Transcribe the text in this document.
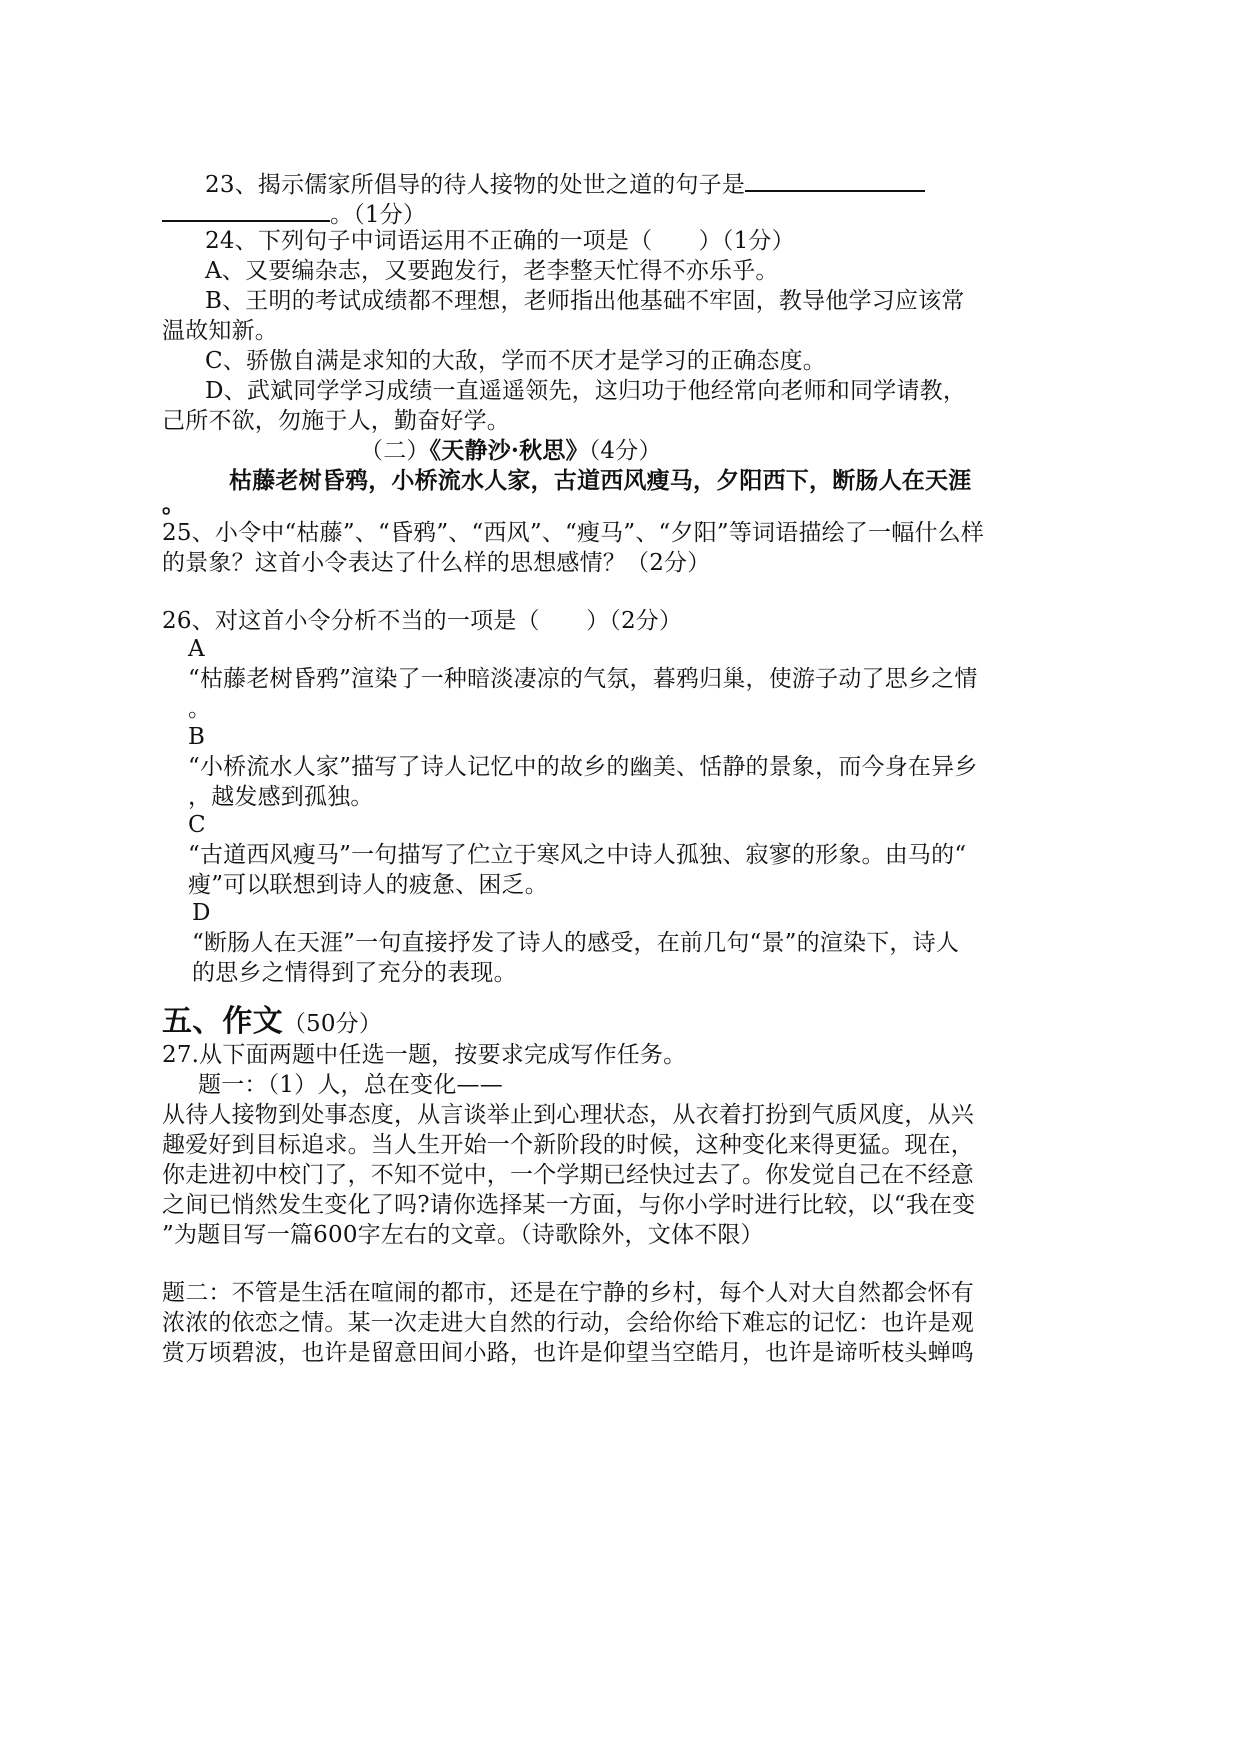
23、揭示儒家所倡导的待人接物的处世之道的句子是
。（1分）
24、下列句子中词语运用不正确的一项是（　　）（1分）
A、又要编杂志，又要跑发行，老李整天忙得不亦乐乎。
B、王明的考试成绩都不理想，老师指出他基础不牢固，教导他学习应该常
温故知新。
C、骄傲自满是求知的大敌，学而不厌才是学习的正确态度。
D、武斌同学学习成绩一直遥遥领先，这归功于他经常向老师和同学请教，
己所不欲，勿施于人，勤奋好学。
（二）《天静沙·秋思》（4分）
枯藤老树昏鸦，小桥流水人家，古道西风瘦马，夕阳西下，断肠人在天涯
。
25、小令中“枯藤”、“昏鸦”、“西风”、“瘦马”、“夕阳”等词语描绘了一幅什么样
的景象？这首小令表达了什么样的思想感情？（2分）
26、对这首小令分析不当的一项是（　　）（2分）
A
“枯藤老树昏鸦”渲染了一种暗淡凄凉的气氛，暮鸦归巢，使游子动了思乡之情
。
B
“小桥流水人家”描写了诗人记忆中的故乡的幽美、恬静的景象，而今身在异乡
，越发感到孤独。
C
“古道西风瘦马”一句描写了伫立于寒风之中诗人孤独、寂寥的形象。由马的“
瘦”可以联想到诗人的疲惫、困乏。
D
“断肠人在天涯”一句直接抒发了诗人的感受，在前几句“景”的渲染下，诗人
的思乡之情得到了充分的表现。
五、作文（50分）
27.从下面两题中任选一题，按要求完成写作任务。
题一：（1）人，总在变化——
从待人接物到处事态度，从言谈举止到心理状态，从衣着打扮到气质风度，从兴
趣爱好到目标追求。当人生开始一个新阶段的时候，这种变化来得更猛。现在，
你走进初中校门了，不知不觉中，一个学期已经快过去了。你发觉自己在不经意
之间已悄然发生变化了吗?请你选择某一方面，与你小学时进行比较，以“我在变
”为题目写一篇600字左右的文章。（诗歌除外，文体不限）
题二：不管是生活在喧闹的都市，还是在宁静的乡村，每个人对大自然都会怀有
浓浓的依恋之情。某一次走进大自然的行动，会给你给下难忘的记忆：也许是观
赏万顷碧波，也许是留意田间小路，也许是仰望当空皓月，也许是谛听枝头蝉鸣
